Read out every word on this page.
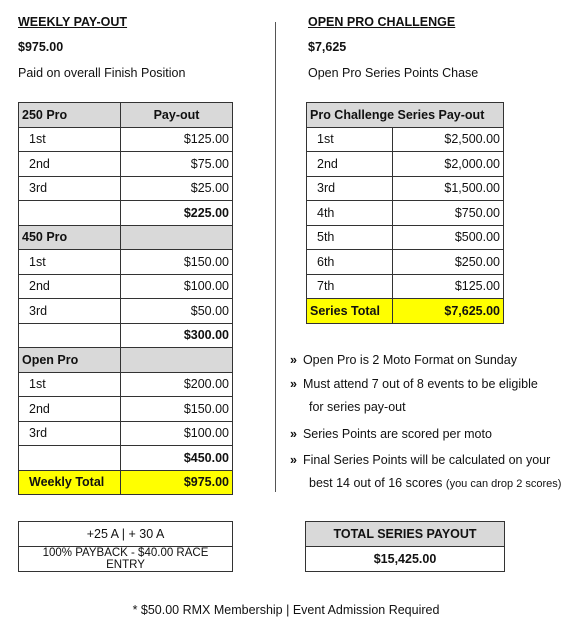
WEEKLY PAY-OUT
$975.00
Paid on overall Finish Position
OPEN PRO CHALLENGE
$7,625
Open Pro Series Points Chase
250 Pro	Pay-out
1st	$125.00
2nd	$75.00
3rd	$25.00
	$225.00
450 Pro	
1st	$150.00
2nd	$100.00
3rd	$50.00
	$300.00
Open Pro	
1st	$200.00
2nd	$150.00
3rd	$100.00
	$450.00
Weekly Total	$975.00
Pro Challenge Series Pay-out	
1st	$2,500.00
2nd	$2,000.00
3rd	$1,500.00
4th	$750.00
5th	$500.00
6th	$250.00
7th	$125.00
Series Total	$7,625.00
» Open Pro is 2 Moto Format on Sunday
» Must attend 7 out of 8 events to be eligible
for series pay-out
» Series Points are scored per moto
» Final Series Points will be calculated on your
best 14 out of 16 scores (you can drop 2 scores)
+25 A | + 30 A
100% PAYBACK - $40.00 RACE ENTRY
TOTAL SERIES PAYOUT
$15,425.00
* $50.00 RMX Membership | Event Admission Required
